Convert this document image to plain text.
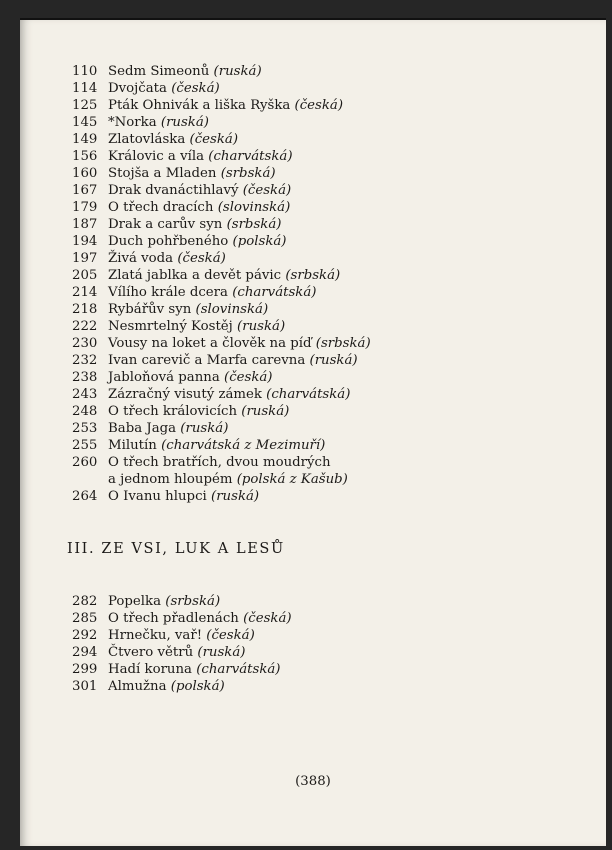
110 Sedm Simeonů (ruská)
114 Dvojčata (česká)
125 Pták Ohnivák a liška Ryška (česká)
145 *Norka (ruská)
149 Zlatovláska (česká)
156 Královic a víla (charvátská)
160 Stojša a Mladen (srbská)
167 Drak dvanáctihlavý (česká)
179 O třech dracích (slovinská)
187 Drak a carův syn (srbská)
194 Duch pohřbeného (polská)
197 Živá voda (česká)
205 Zlatá jablka a devět pávic (srbská)
214 Vílího krále dcera (charvátská)
218 Rybářův syn (slovinská)
222 Nesmrtelný Kostěj (ruská)
230 Vousy na loket a člověk na píď (srbská)
232 Ivan carevič a Marfa carevna (ruská)
238 Jabloňová panna (česká)
243 Zázračný visutý zámek (charvátská)
248 O třech královicích (ruská)
253 Baba Jaga (ruská)
255 Milutín (charvátská z Mezimuří)
260 O třech bratřích, dvou moudrých
a jednom hloupém (polská z Kašub)
264 O Ivanu hlupci (ruská)
III. ZE VSI, LUK A LESŮ
282 Popelka (srbská)
285 O třech přadlenách (česká)
292 Hrnečku, vař! (česká)
294 Čtvero větrů (ruská)
299 Hadí koruna (charvátská)
301 Almužna (polská)
(388)
